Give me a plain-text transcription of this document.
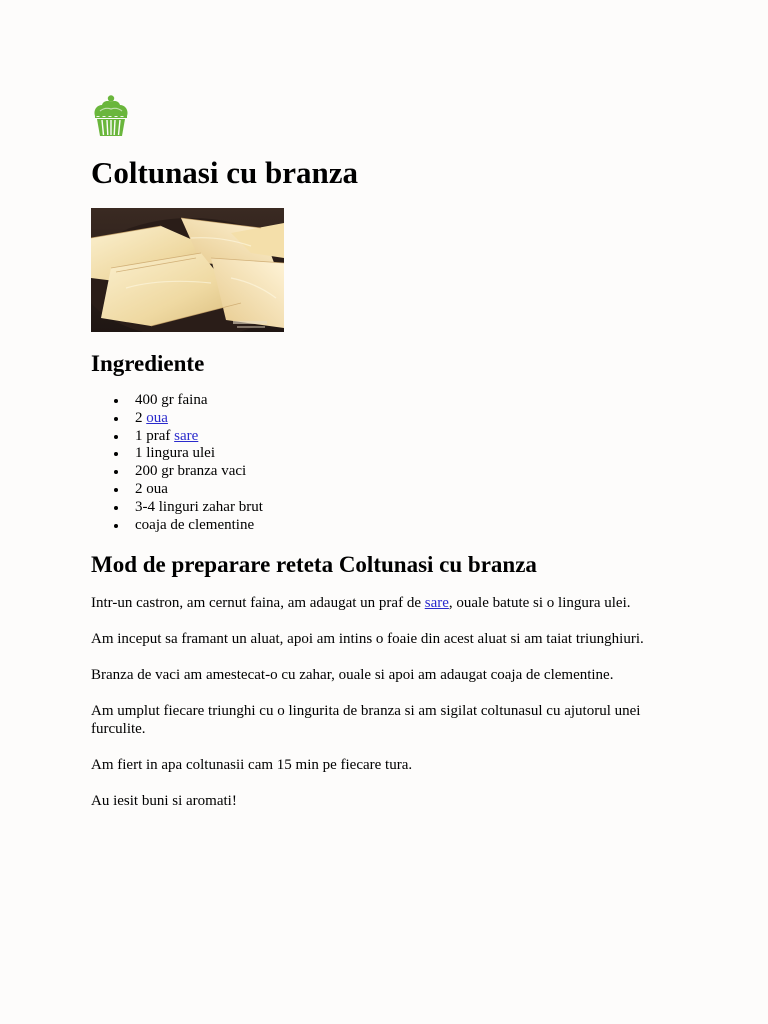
Coltunasi cu branza
Ingrediente
400 gr faina
2 oua
1 praf sare
1 lingura ulei
200 gr branza vaci
2 oua
3-4 linguri zahar brut
coaja de clementine
Mod de preparare reteta Coltunasi cu branza

Intr-un castron, am cernut faina, am adaugat un praf de sare, ouale batute si o lingura ulei.

Am inceput sa framant un aluat, apoi am intins o foaie din acest aluat si am taiat triunghiuri.

Branza de vaci am amestecat-o cu zahar, ouale si apoi am adaugat coaja de clementine.

Am umplut fiecare triunghi cu o lingurita de branza si am sigilat coltunasul cu ajutorul unei furculite.

Am fiert in apa coltunasii cam 15 min pe fiecare tura.

Au iesit buni si aromati!
